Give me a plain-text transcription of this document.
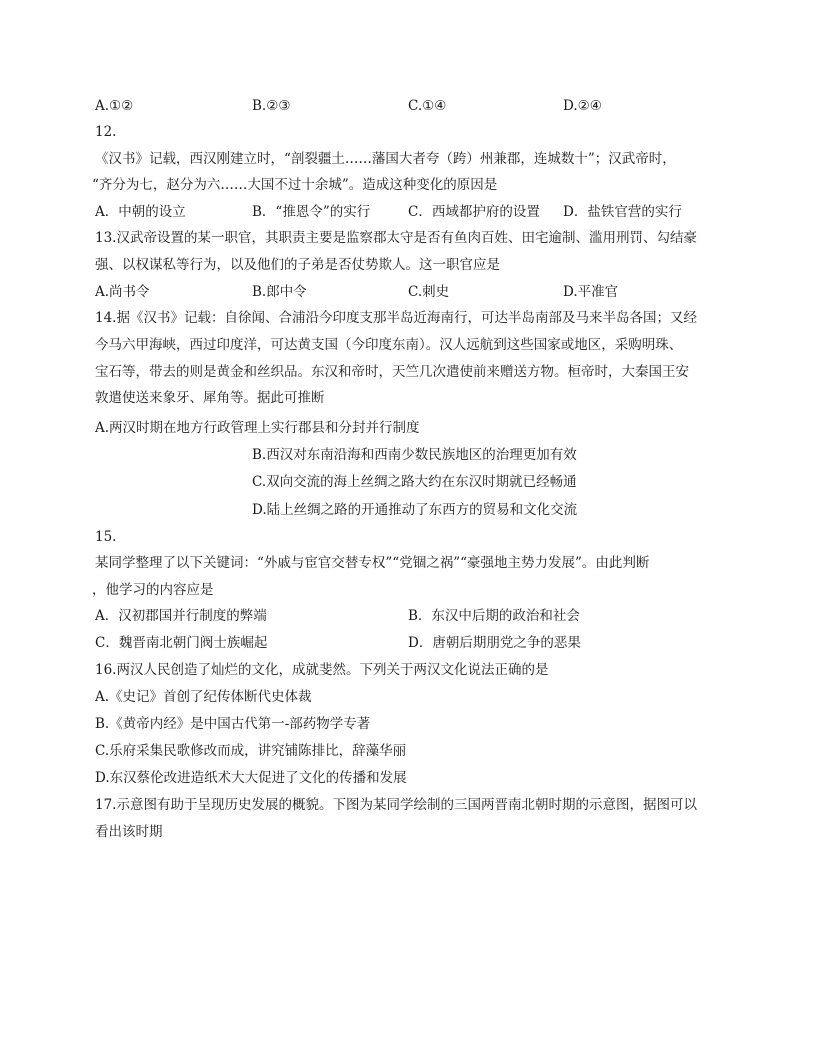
A.①②	B.②③	C.①④	D.②④
12.
《汉书》记载，西汉刚建立时，“剖裂疆土……藩国大者夸（跨）州兼郡，连城数十”；汉武帝时，
“齐分为七，赵分为六……大国不过十余城”。造成这种变化的原因是
A．中朝的设立	B．“推恩令”的实行	C．西域都护府的设置 D．盐铁官营的实行
13.汉武帝设置的某一职官，其职责主要是监察郡太守是否有鱼肉百姓、田宅逾制、滥用刑罚、勾结豪
强、以权谋私等行为，以及他们的子弟是否仗势欺人。这一职官应是
A.尚书令	B.郎中令	C.刺史	D.平准官
14.据《汉书》记载：自徐闻、合浦沿今印度支那半岛近海南行，可达半岛南部及马来半岛各国；又经
今马六甲海峡，西过印度洋，可达黄支国（今印度东南）。汉人远航到这些国家或地区，采购明珠、
宝石等，带去的则是黄金和丝织品。东汉和帝时，天竺几次遣使前来赠送方物。桓帝时，大秦国王安
敦遣使送来象牙、犀角等。据此可推断
A.两汉时期在地方行政管理上实行郡县和分封并行制度
B.西汉对东南沿海和西南少数民族地区的治理更加有效
C.双向交流的海上丝绸之路大约在东汉时期就已经畅通
D.陆上丝绸之路的开通推动了东西方的贸易和文化交流
15.
某同学整理了以下关键词：“外戚与宦官交替专权”“党锢之祸”“豪强地主势力发展”。由此判断
，他学习的内容应是
A．汉初郡国并行制度的弊端	B．东汉中后期的政治和社会
C．魏晋南北朝门阀士族崛起	D．唐朝后期朋党之争的恶果
16.两汉人民创造了灿烂的文化，成就斐然。下列关于两汉文化说法正确的是
A.《史记》首创了纪传体断代史体裁
B.《黄帝内经》是中国古代第一-部药物学专著
C.乐府采集民歌修改而成，讲究铺陈排比，辞藻华丽
D.东汉蔡伦改进造纸术大大促进了文化的传播和发展
17.示意图有助于呈现历史发展的概貌。下图为某同学绘制的三国两晋南北朝时期的示意图，据图可以
看出该时期
